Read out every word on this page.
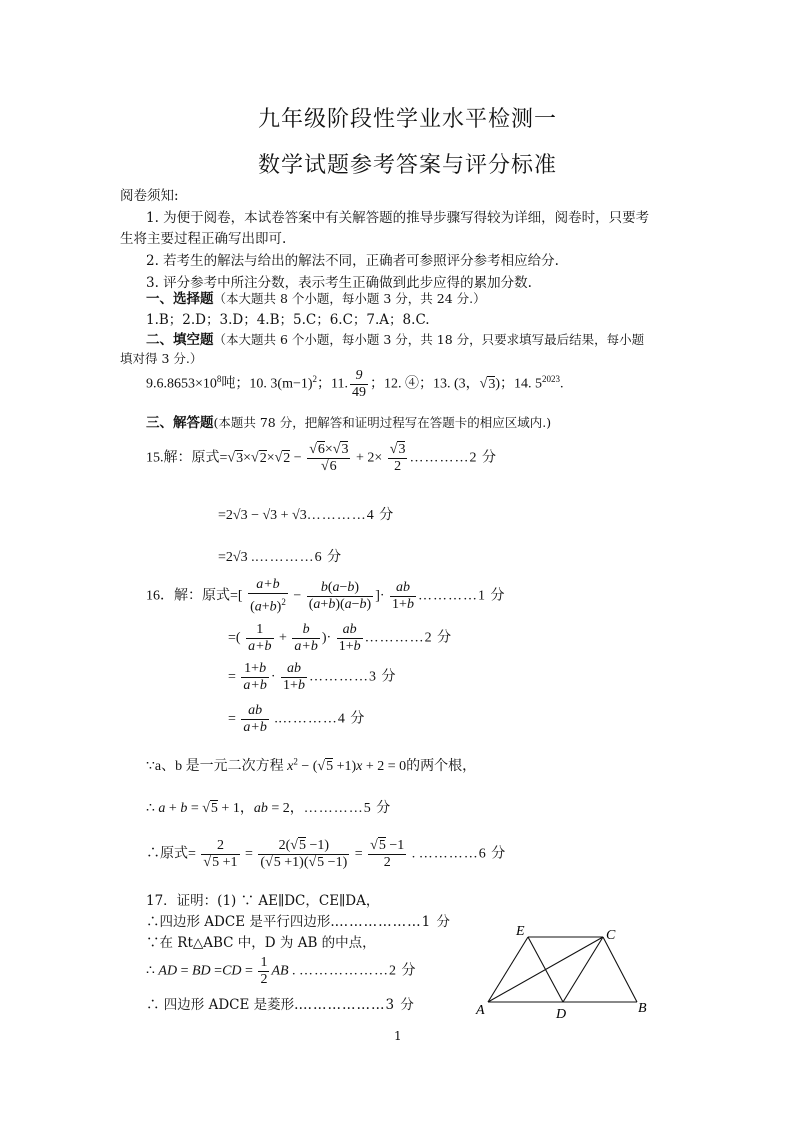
九年级阶段性学业水平检测一
数学试题参考答案与评分标准
阅卷须知:
1. 为便于阅卷，本试卷答案中有关解答题的推导步骤写得较为详细，阅卷时，只要考
生将主要过程正确写出即可.
2. 若考生的解法与给出的解法不同，正确者可参照评分参考相应给分.
3. 评分参考中所注分数，表示考生正确做到此步应得的累加分数.
一、选择题（本大题共 8 个小题，每小题 3 分，共 24 分.）
1.B；2.D；3.D；4.B；5.C；6.C；7.A；8.C.
二、填空题（本大题共 6 个小题，每小题 3 分，共 18 分，只要求填写最后结果，每小题
填对得 3 分.）
$9.6.8653\times 10^8$吨；10. $3(m-1)^2$；11. $\frac{9}{49}$ ；12. ④；13. (3，√3)；14. $5^{2023}$.
三、解答题(本题共 78 分，把解答和证明过程写在答题卡的相应区域内.)
15.解：原式$=√3\times√2\times√2 - \frac{√6\times√3}{√6} + 2\times \frac{√3}{2}$ …………2 分
=2√3 − √3 + √3…………4 分
=2√3 .…………6 分
16．解：原式=[ $\frac{a+b}{(a+b)^2} - \frac{b(a-b)}{(a+b)(a-b)}$ ]· $\frac{ab}{1+b}$ …………1 分
=( $\frac{1}{a+b} + \frac{b}{a+b}$ )· $\frac{ab}{1+b}$ …………2 分
= $\frac{1+b}{a+b} \cdot \frac{ab}{1+b}$ …………3 分
= $\frac{ab}{a+b}$ .…………4 分
∵a、b 是一元二次方程 $x^2 - (√5 +1)x + 2 = 0$的两个根，
∴ a + b = √5 + 1，ab = 2，…………5 分
∴原式= $\frac{2}{√5 +1} = \frac{2(√5 -1)}{(√5 +1)(√5 -1)} = \frac{√5 -1}{2}$ . …………6 分
17．证明：(1) ∵ AE∥DC，CE∥DA，
∴四边形 ADCE 是平行四边形.………………1 分
∵在 Rt△ABC 中，D 为 AB 的中点，
∴ AD = BD $=CD = \frac{1}{2}$ AB . ………………2 分
∴ 四边形 ADCE 是菱形.………………3 分
E	C
A	D	B
1
